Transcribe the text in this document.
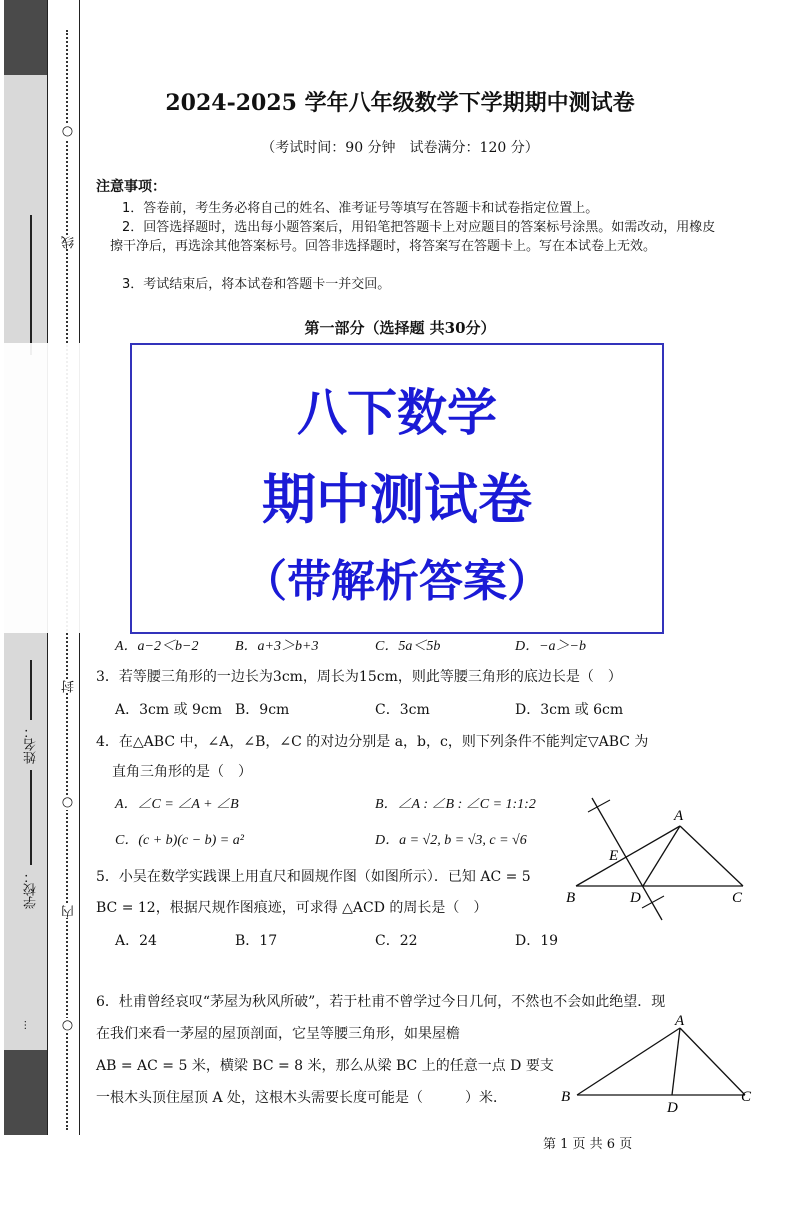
姓名：
学校：
…
线
封
内
○
○
○
2024-2025 学年八年级数学下学期期中测试卷
（考试时间：90 分钟　试卷满分：120 分）
注意事项：
1．答卷前，考生务必将自己的姓名、准考证号等填写在答题卡和试卷指定位置上。
2．回答选择题时，选出每小题答案后，用铅笔把答题卡上对应题目的答案标号涂黑。如需改动，用橡皮擦干净后，再选涂其他答案标号。回答非选择题时，将答案写在答题卡上。写在本试卷上无效。
3．考试结束后，将本试卷和答题卡一并交回。
第一部分（选择题 共30分）
八下数学
期中测试卷
（带解析答案）
A．a−2＜b−2	B．a+3＞b+3	C．5a＜5b	D．−a＞−b
3．若等腰三角形的一边长为3cm，周长为15cm，则此等腰三角形的底边长是（　）
A．3cm 或 9cm B．9cm	C．3cm	D．3cm 或 6cm
4．在△ABC 中，∠A，∠B，∠C 的对边分别是 a，b，c，则下列条件不能判定▽ABC 为
直角三角形的是（　）
A．∠C = ∠A + ∠B	B．∠A : ∠B : ∠C = 1:1:2
C．(c + b)(c − b) = a²	D．a = √2, b = √3, c = √6
5．小吴在数学实践课上用直尺和圆规作图（如图所示）．已知 AC = 5
BC = 12，根据尺规作图痕迹，可求得 △ACD 的周长是（　）
A．24	B．17	C．22	D．19
A
B	C
D
E
6．杜甫曾经哀叹“茅屋为秋风所破”，若于杜甫不曾学过今日几何，不然也不会如此绝望．现
在我们来看一茅屋的屋顶剖面，它呈等腰三角形，如果屋檐
AB = AC = 5 米，横梁 BC = 8 米，那么从梁 BC 上的任意一点 D 要支
一根木头顶住屋顶 A 处，这根木头需要长度可能是（　　　）米．
A
B	C
D
第 1 页 共 6 页
